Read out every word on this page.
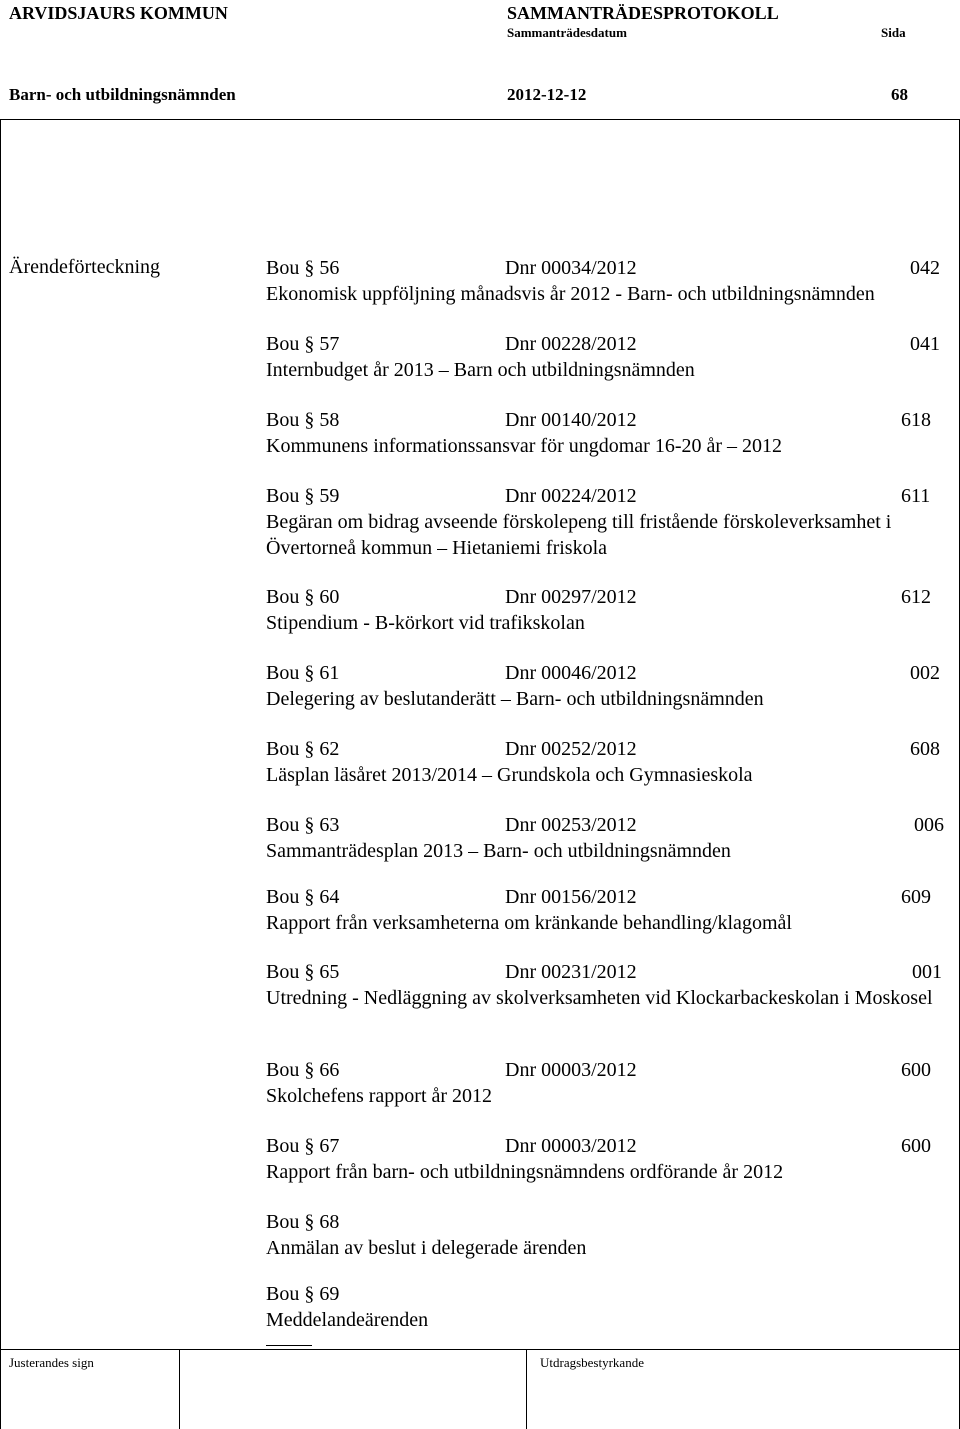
ARVIDSJAURS KOMMUN	SAMMANTRÄDESPROTOKOLL
Sammanträdesdatum	Sida
Barn- och utbildningsnämnden	2012-12-12	68
Ärendeförteckning	Bou § 56	Dnr 00034/2012	042
Ekonomisk uppföljning månadsvis år 2012 - Barn- och utbildningsnämnden
Bou § 57	Dnr 00228/2012	041
Internbudget år 2013 – Barn och utbildningsnämnden
Bou § 58	Dnr 00140/2012	618
Kommunens informationssansvar för ungdomar 16-20 år – 2012
Bou § 59	Dnr 00224/2012	611
Begäran om bidrag avseende förskolepeng till fristående förskoleverksamhet i Övertorneå kommun – Hietaniemi friskola
Bou § 60	Dnr 00297/2012	612
Stipendium - B-körkort vid trafikskolan
Bou § 61	Dnr 00046/2012	002
Delegering av beslutanderätt – Barn- och utbildningsnämnden
Bou § 62	Dnr 00252/2012	608
Läsplan läsåret 2013/2014 – Grundskola och Gymnasieskola
Bou § 63	Dnr 00253/2012	006
Sammanträdesplan 2013 – Barn- och utbildningsnämnden
Bou § 64	Dnr 00156/2012	609
Rapport från verksamheterna om kränkande behandling/klagomål
Bou § 65	Dnr 00231/2012	001
Utredning - Nedläggning av skolverksamheten vid Klockarbackeskolan i Moskosel
Bou § 66	Dnr 00003/2012	600
Skolchefens rapport år 2012
Bou § 67	Dnr 00003/2012	600
Rapport från barn- och utbildningsnämndens ordförande år 2012
Bou § 68
Anmälan av beslut i delegerade ärenden
Bou § 69
Meddelandeärenden
Justerandes sign	Utdragsbestyrkande
